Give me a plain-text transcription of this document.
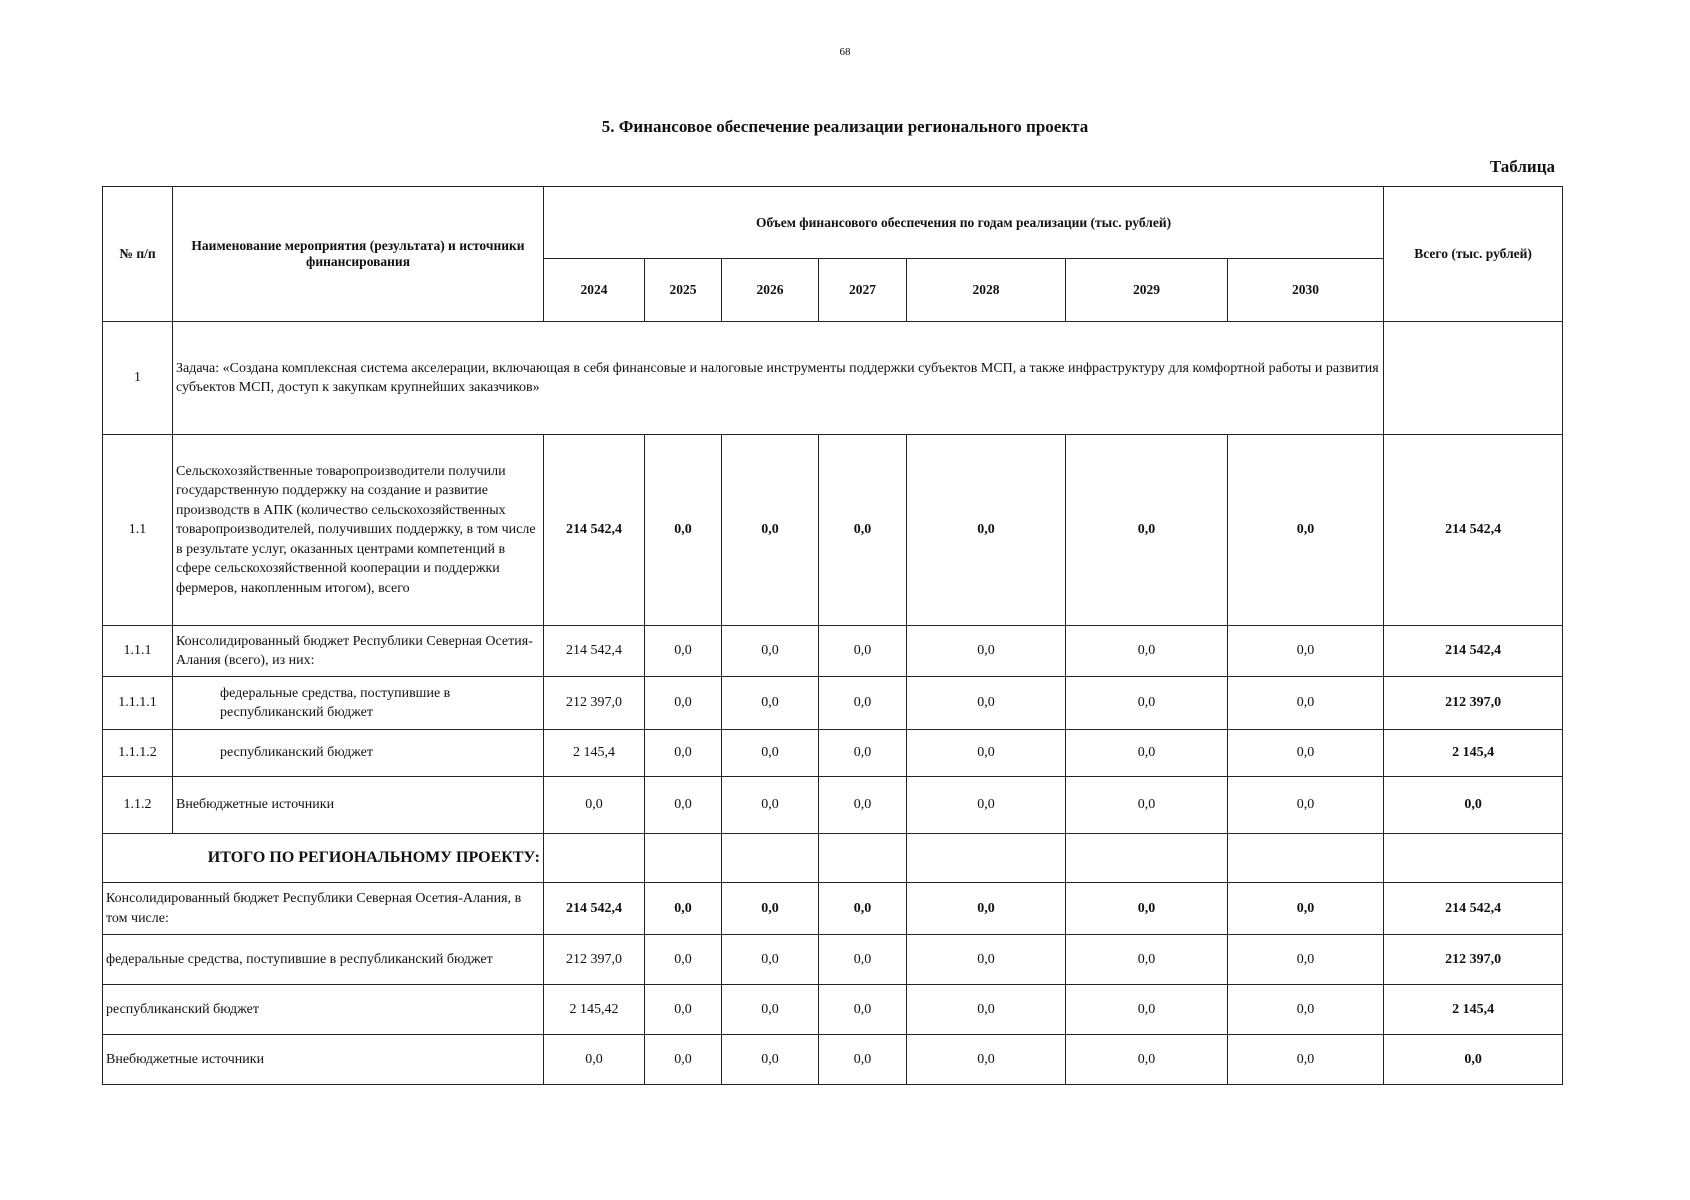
68
5. Финансовое обеспечение реализации регионального проекта
Таблица
№ п/п	Наименование мероприятия (результата) и источники финансирования	Объем финансового обеспечения по годам реализации (тыс. рублей)							Всего (тыс. рублей)
		2024	2025	2026	2027	2028	2029	2030	
1	Задача: «Создана комплексная система акселерации, включающая в себя финансовые и налоговые инструменты поддержки субъектов МСП, а также инфраструктуру для комфортной работы и развития субъектов МСП, доступ к закупкам крупнейших заказчиков»								
1.1	Сельскохозяйственные товаропроизводители получили государственную поддержку на создание и развитие производств в АПК (количество сельскохозяйственных товаропроизводителей, получивших поддержку, в том числе в результате услуг, оказанных центрами компетенций в сфере сельскохозяйственной кооперации и поддержки фермеров, накопленным итогом), всего	214 542,4	0,0	0,0	0,0	0,0	0,0	0,0	214 542,4
1.1.1	Консолидированный бюджет Республики Северная Осетия-Алания (всего), из них:	214 542,4	0,0	0,0	0,0	0,0	0,0	0,0	214 542,4
1.1.1.1	федеральные средства, поступившие в республиканский бюджет	212 397,0	0,0	0,0	0,0	0,0	0,0	0,0	212 397,0
1.1.1.2	республиканский бюджет	2 145,4	0,0	0,0	0,0	0,0	0,0	0,0	2 145,4
1.1.2	Внебюджетные источники	0,0	0,0	0,0	0,0	0,0	0,0	0,0	0,0
ИТОГО ПО РЕГИОНАЛЬНОМУ ПРОЕКТУ:									
Консолидированный бюджет Республики Северная Осетия-Алания, в том числе:		214 542,4	0,0	0,0	0,0	0,0	0,0	0,0	214 542,4
федеральные средства, поступившие в республиканский бюджет		212 397,0	0,0	0,0	0,0	0,0	0,0	0,0	212 397,0
республиканский бюджет		2 145,42	0,0	0,0	0,0	0,0	0,0	0,0	2 145,4
Внебюджетные источники		0,0	0,0	0,0	0,0	0,0	0,0	0,0	0,0
